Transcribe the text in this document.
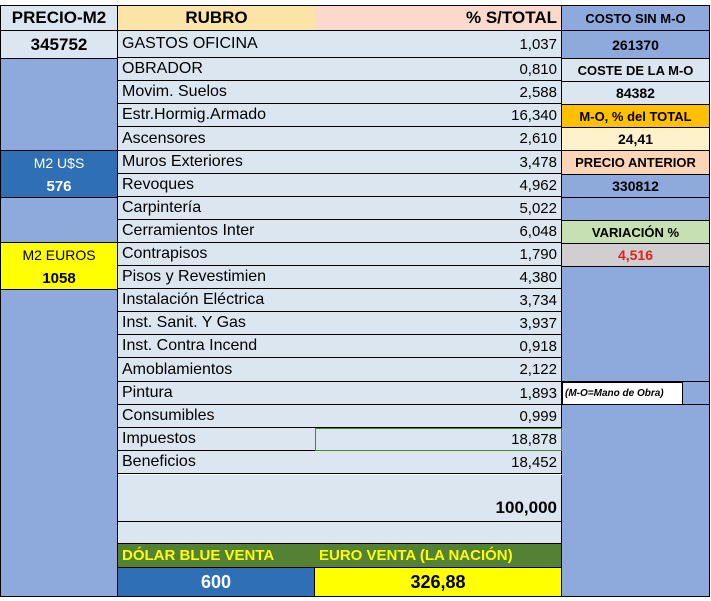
PRECIO-M2
345752
M2 U$S
576
M2 EUROS
1058
RUBRO	% S/TOTAL
GASTOS OFICINA	1,037
OBRADOR	0,810
Movim. Suelos	2,588
Estr.Hormig.Armado	16,340
Ascensores	2,610
Muros Exteriores	3,478
Revoques	4,962
Carpintería	5,022
Cerramientos Inter	6,048
Contrapisos	1,790
Pisos y Revestimien	4,380
Instalación Eléctrica	3,734
Inst. Sanit. Y Gas	3,937
Inst. Contra Incend	0,918
Amoblamientos	2,122
Pintura	1,893
Consumibles	0,999
Impuestos	18,878
Beneficios	18,452
100,000
DÓLAR BLUE VENTA	EURO VENTA (LA NACIÓN)
600	326,88
COSTO SIN M-O
261370
COSTE DE LA M-O
84382
M-O, % del TOTAL
24,41
PRECIO ANTERIOR
330812
VARIACIÓN %
4,516
(M-O=Mano de Obra)
